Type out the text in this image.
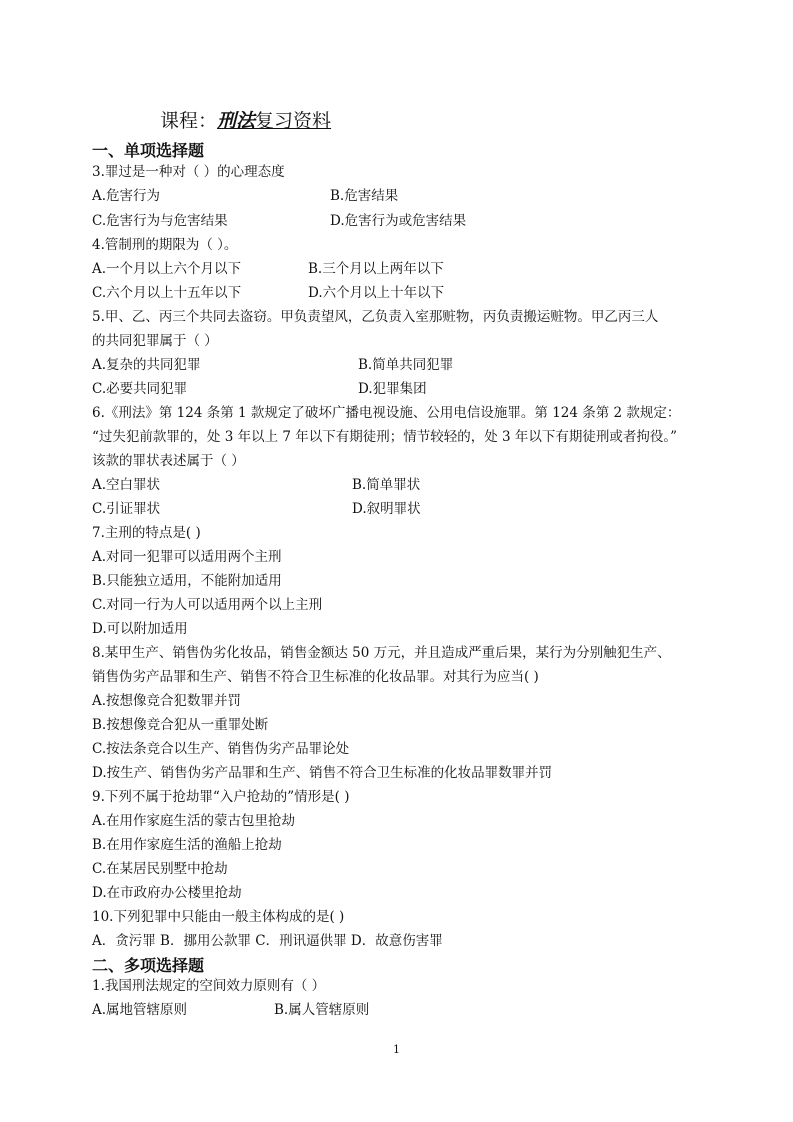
课程：刑法复习资料
一、单项选择题
3.罪过是一种对（ ）的心理态度
A.危害行为	B.危害结果
C.危害行为与危害结果	D.危害行为或危害结果
4.管制刑的期限为（ ）。
A.一个月以上六个月以下	B.三个月以上两年以下
C.六个月以上十五年以下	D.六个月以上十年以下
5.甲、乙、丙三个共同去盗窃。甲负责望风，乙负责入室那赃物，丙负责搬运赃物。甲乙丙三人
的共同犯罪属于（ ）
A.复杂的共同犯罪	B.简单共同犯罪
C.必要共同犯罪	D.犯罪集团
6.《刑法》第 124 条第 1 款规定了破坏广播电视设施、公用电信设施罪。第 124 条第 2 款规定：
“过失犯前款罪的，处 3 年以上 7 年以下有期徒刑；情节较轻的，处 3 年以下有期徒刑或者拘役。”
该款的罪状表述属于（ ）
A.空白罪状	B.简单罪状
C.引证罪状	D.叙明罪状
7.主刑的特点是( )
A.对同一犯罪可以适用两个主刑
B.只能独立适用，不能附加适用
C.对同一行为人可以适用两个以上主刑
D.可以附加适用
8.某甲生产、销售伪劣化妆品，销售金额达 50 万元，并且造成严重后果，某行为分别触犯生产、
销售伪劣产品罪和生产、销售不符合卫生标准的化妆品罪。对其行为应当( )
A.按想像竞合犯数罪并罚
B.按想像竞合犯从一重罪处断
C.按法条竞合以生产、销售伪劣产品罪论处
D.按生产、销售伪劣产品罪和生产、销售不符合卫生标准的化妆品罪数罪并罚
9.下列不属于抢劫罪“入户抢劫的”情形是( )
A.在用作家庭生活的蒙古包里抢劫
B.在用作家庭生活的渔船上抢劫
C.在某居民别墅中抢劫
D.在市政府办公楼里抢劫
10.下列犯罪中只能由一般主体构成的是( )
A．贪污罪 B．挪用公款罪 C．刑讯逼供罪 D．故意伤害罪
二、多项选择题
1.我国刑法规定的空间效力原则有（ ）
A.属地管辖原则	B.属人管辖原则
1
